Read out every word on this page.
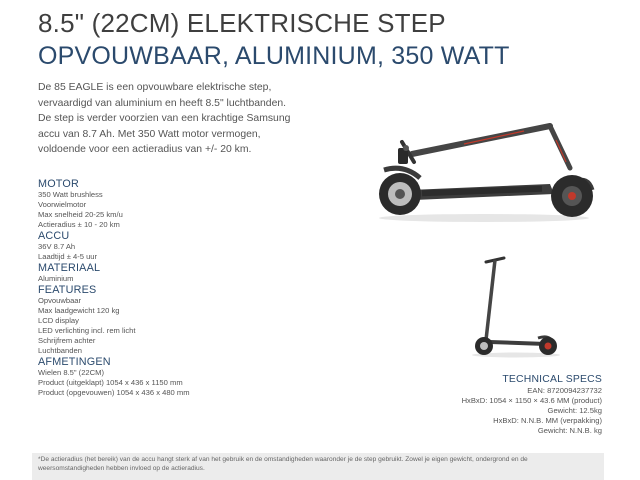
8.5" (22CM) ELEKTRISCHE STEP
OPVOUWBAAR, ALUMINIUM, 350 WATT
De 85 EAGLE is een opvouwbare elektrische step,
vervaardigd van aluminium en heeft 8.5" luchtbanden.
De step is verder voorzien van een krachtige Samsung
accu van 8.7 Ah. Met 350 Watt motor vermogen,
voldoende voor een actieradius van +/- 20 km.
MOTOR
350 Watt brushless
Voorwielmotor
Max snelheid 20-25 km/u
Actieradius ± 10 - 20 km
ACCU
36V 8.7 Ah
Laadtijd ± 4-5 uur
MATERIAAL
Aluminium
FEATURES
Opvouwbaar
Max laadgewicht 120 kg
LCD display
LED verlichting incl. rem licht
Schrijfrem achter
Luchtbanden
AFMETINGEN
Wielen 8.5" (22CM)
Product (uitgeklapt) 1054 x 436 x 1150 mm
Product (opgevouwen) 1054 x 436 x 480 mm
TECHNICAL SPECS
EAN: 8720094237732
HxBxD: 1054 × 1150 × 43.6 MM (product)
Gewicht: 12.5kg
HxBxD: N.N.B. MM (verpakking)
Gewicht: N.N.B. kg
*De actieradius (het bereik) van de accu hangt sterk af van het gebruik en de omstandigheden waaronder je de step gebruikt. Zowel je eigen gewicht, ondergrond en de
weersomstandigheden hebben invloed op de actieradius.
